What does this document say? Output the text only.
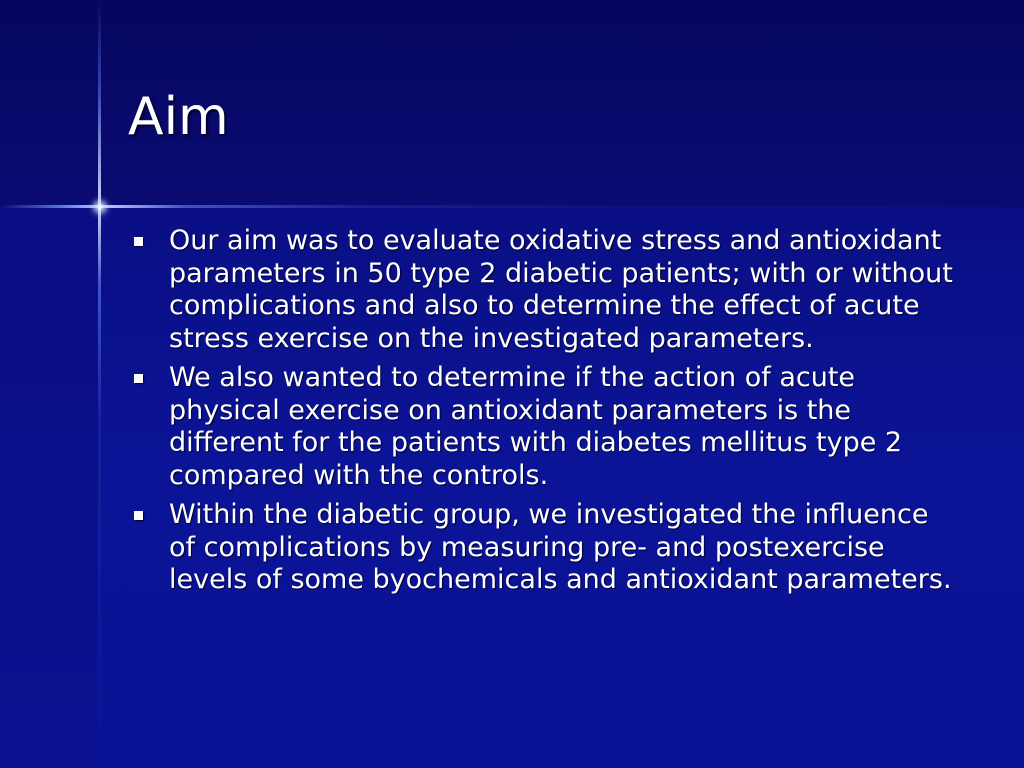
Aim
Our aim was to evaluate oxidative stress and antioxidant parameters in 50 type 2 diabetic patients; with or without complications and also to determine the effect of acute stress exercise on the investigated parameters.
We also wanted to determine if the action of acute physical exercise on antioxidant parameters is the different for the patients with diabetes mellitus type 2 compared with the controls.
Within the diabetic group, we investigated the influence of complications by measuring pre- and postexercise levels of some byochemicals and antioxidant parameters.
